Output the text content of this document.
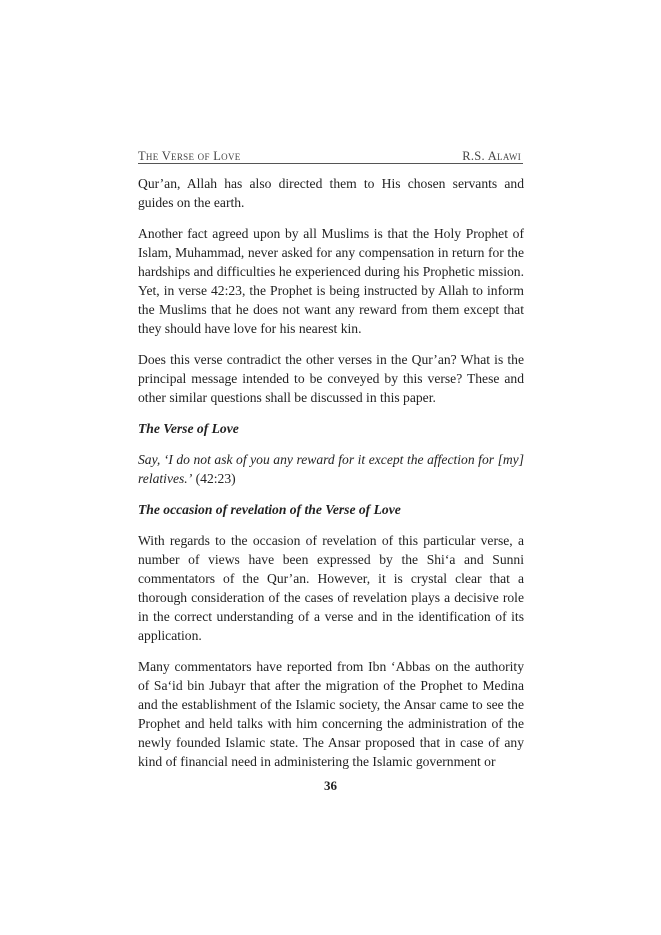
The Verse of Love	R.S. Alawi

Qur’an, Allah has also directed them to His chosen servants and guides on the earth.

Another fact agreed upon by all Muslims is that the Holy Prophet of Islam, Muhammad, never asked for any compensation in return for the hardships and difficulties he experienced during his Prophetic mission. Yet, in verse 42:23, the Prophet is being instructed by Allah to inform the Muslims that he does not want any reward from them except that they should have love for his nearest kin.

Does this verse contradict the other verses in the Qur’an? What is the principal message intended to be conveyed by this verse? These and other similar questions shall be discussed in this paper.

The Verse of Love

Say, ‘I do not ask of you any reward for it except the affection for [my] relatives.’ (42:23)

The occasion of revelation of the Verse of Love

With regards to the occasion of revelation of this particular verse, a number of views have been expressed by the Shi‘a and Sunni commentators of the Qur’an. However, it is crystal clear that a thorough consideration of the cases of revelation plays a decisive role in the correct understanding of a verse and in the identification of its application.

Many commentators have reported from Ibn ‘Abbas on the authority of Sa‘id bin Jubayr that after the migration of the Prophet to Medina and the establishment of the Islamic society, the Ansar came to see the Prophet and held talks with him concerning the administration of the newly founded Islamic state. The Ansar proposed that in case of any kind of financial need in administering the Islamic government or

36
